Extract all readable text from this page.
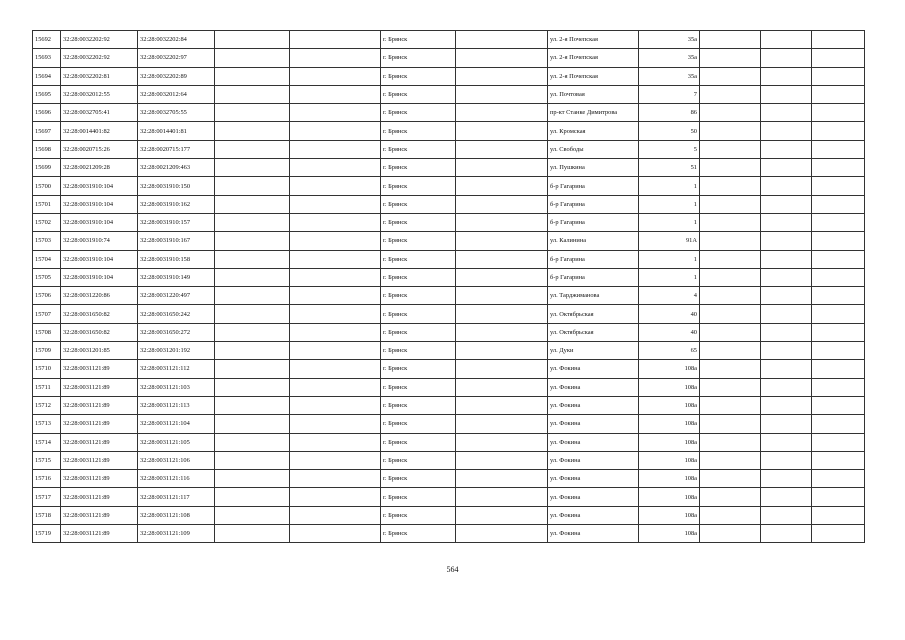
15692	32:28:0032202:92	32:28:0032202:84			г. Брянск		ул. 2-я Почепская	35а			
15693	32:28:0032202:92	32:28:0032202:97			г. Брянск		ул. 2-я Почепская	35а			
15694	32:28:0032202:81	32:28:0032202:89			г. Брянск		ул. 2-я Почепская	35а			
15695	32:28:0032012:55	32:28:0032012:64			г. Брянск		ул. Почтовая	7			
15696	32:28:0032705:41	32:28:0032705:55			г. Брянск		пр-кт Станке Димитрова	86			
15697	32:28:0014401:82	32:28:0014401:81			г. Брянск		ул. Кромская	50			
15698	32:28:0020715:26	32:28:0020715:177			г. Брянск		ул. Свободы	5			
15699	32:28:0021209:28	32:28:0021209:463			г. Брянск		ул. Пушкина	51			
15700	32:28:0031910:104	32:28:0031910:150			г. Брянск		б-р Гагарина	1			
15701	32:28:0031910:104	32:28:0031910:162			г. Брянск		б-р Гагарина	1			
15702	32:28:0031910:104	32:28:0031910:157			г. Брянск		б-р Гагарина	1			
15703	32:28:0031910:74	32:28:0031910:167			г. Брянск		ул. Калинина	91А			
15704	32:28:0031910:104	32:28:0031910:158			г. Брянск		б-р Гагарина	1			
15705	32:28:0031910:104	32:28:0031910:149			г. Брянск		б-р Гагарина	1			
15706	32:28:0031220:86	32:28:0031220:497			г. Брянск		ул. Тарджиманова	4			
15707	32:28:0031650:82	32:28:0031650:242			г. Брянск		ул. Октябрьская	40			
15708	32:28:0031650:82	32:28:0031650:272			г. Брянск		ул. Октябрьская	40			
15709	32:28:0031201:85	32:28:0031201:192			г. Брянск		ул. Дуки	65			
15710	32:28:0031121:89	32:28:0031121:112			г. Брянск		ул. Фокина	108а			
15711	32:28:0031121:89	32:28:0031121:103			г. Брянск		ул. Фокина	108а			
15712	32:28:0031121:89	32:28:0031121:113			г. Брянск		ул. Фокина	108а			
15713	32:28:0031121:89	32:28:0031121:104			г. Брянск		ул. Фокина	108а			
15714	32:28:0031121:89	32:28:0031121:105			г. Брянск		ул. Фокина	108а			
15715	32:28:0031121:89	32:28:0031121:106			г. Брянск		ул. Фокина	108а			
15716	32:28:0031121:89	32:28:0031121:116			г. Брянск		ул. Фокина	108а			
15717	32:28:0031121:89	32:28:0031121:117			г. Брянск		ул. Фокина	108а			
15718	32:28:0031121:89	32:28:0031121:108			г. Брянск		ул. Фокина	108а			
15719	32:28:0031121:89	32:28:0031121:109			г. Брянск		ул. Фокина	108а			
564
